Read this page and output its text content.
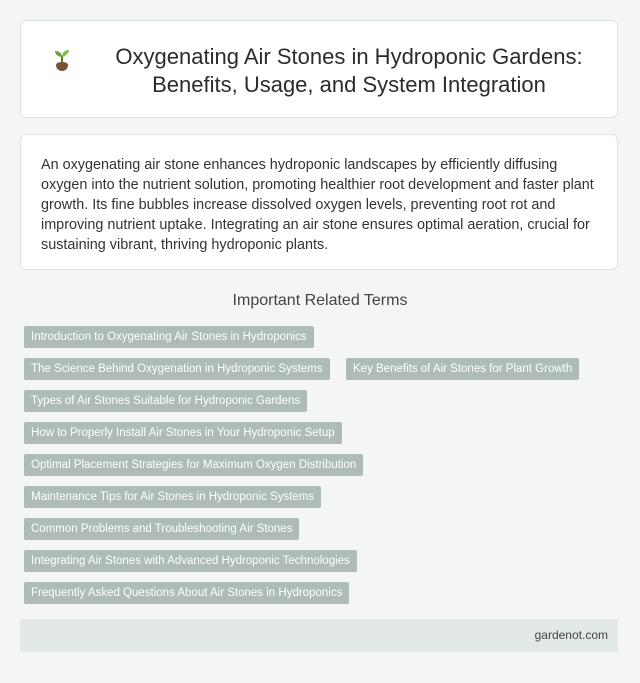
Oxygenating Air Stones in Hydroponic Gardens: Benefits, Usage, and System Integration

An oxygenating air stone enhances hydroponic landscapes by efficiently diffusing oxygen into the nutrient solution, promoting healthier root development and faster plant growth. Its fine bubbles increase dissolved oxygen levels, preventing root rot and improving nutrient uptake. Integrating an air stone ensures optimal aeration, crucial for sustaining vibrant, thriving hydroponic plants.

Important Related Terms
Introduction to Oxygenating Air Stones in Hydroponics
The Science Behind Oxygenation in Hydroponic Systems	Key Benefits of Air Stones for Plant Growth
Types of Air Stones Suitable for Hydroponic Gardens
How to Properly Install Air Stones in Your Hydroponic Setup
Optimal Placement Strategies for Maximum Oxygen Distribution
Maintenance Tips for Air Stones in Hydroponic Systems
Common Problems and Troubleshooting Air Stones
Integrating Air Stones with Advanced Hydroponic Technologies
Frequently Asked Questions About Air Stones in Hydroponics
gardenot.com
